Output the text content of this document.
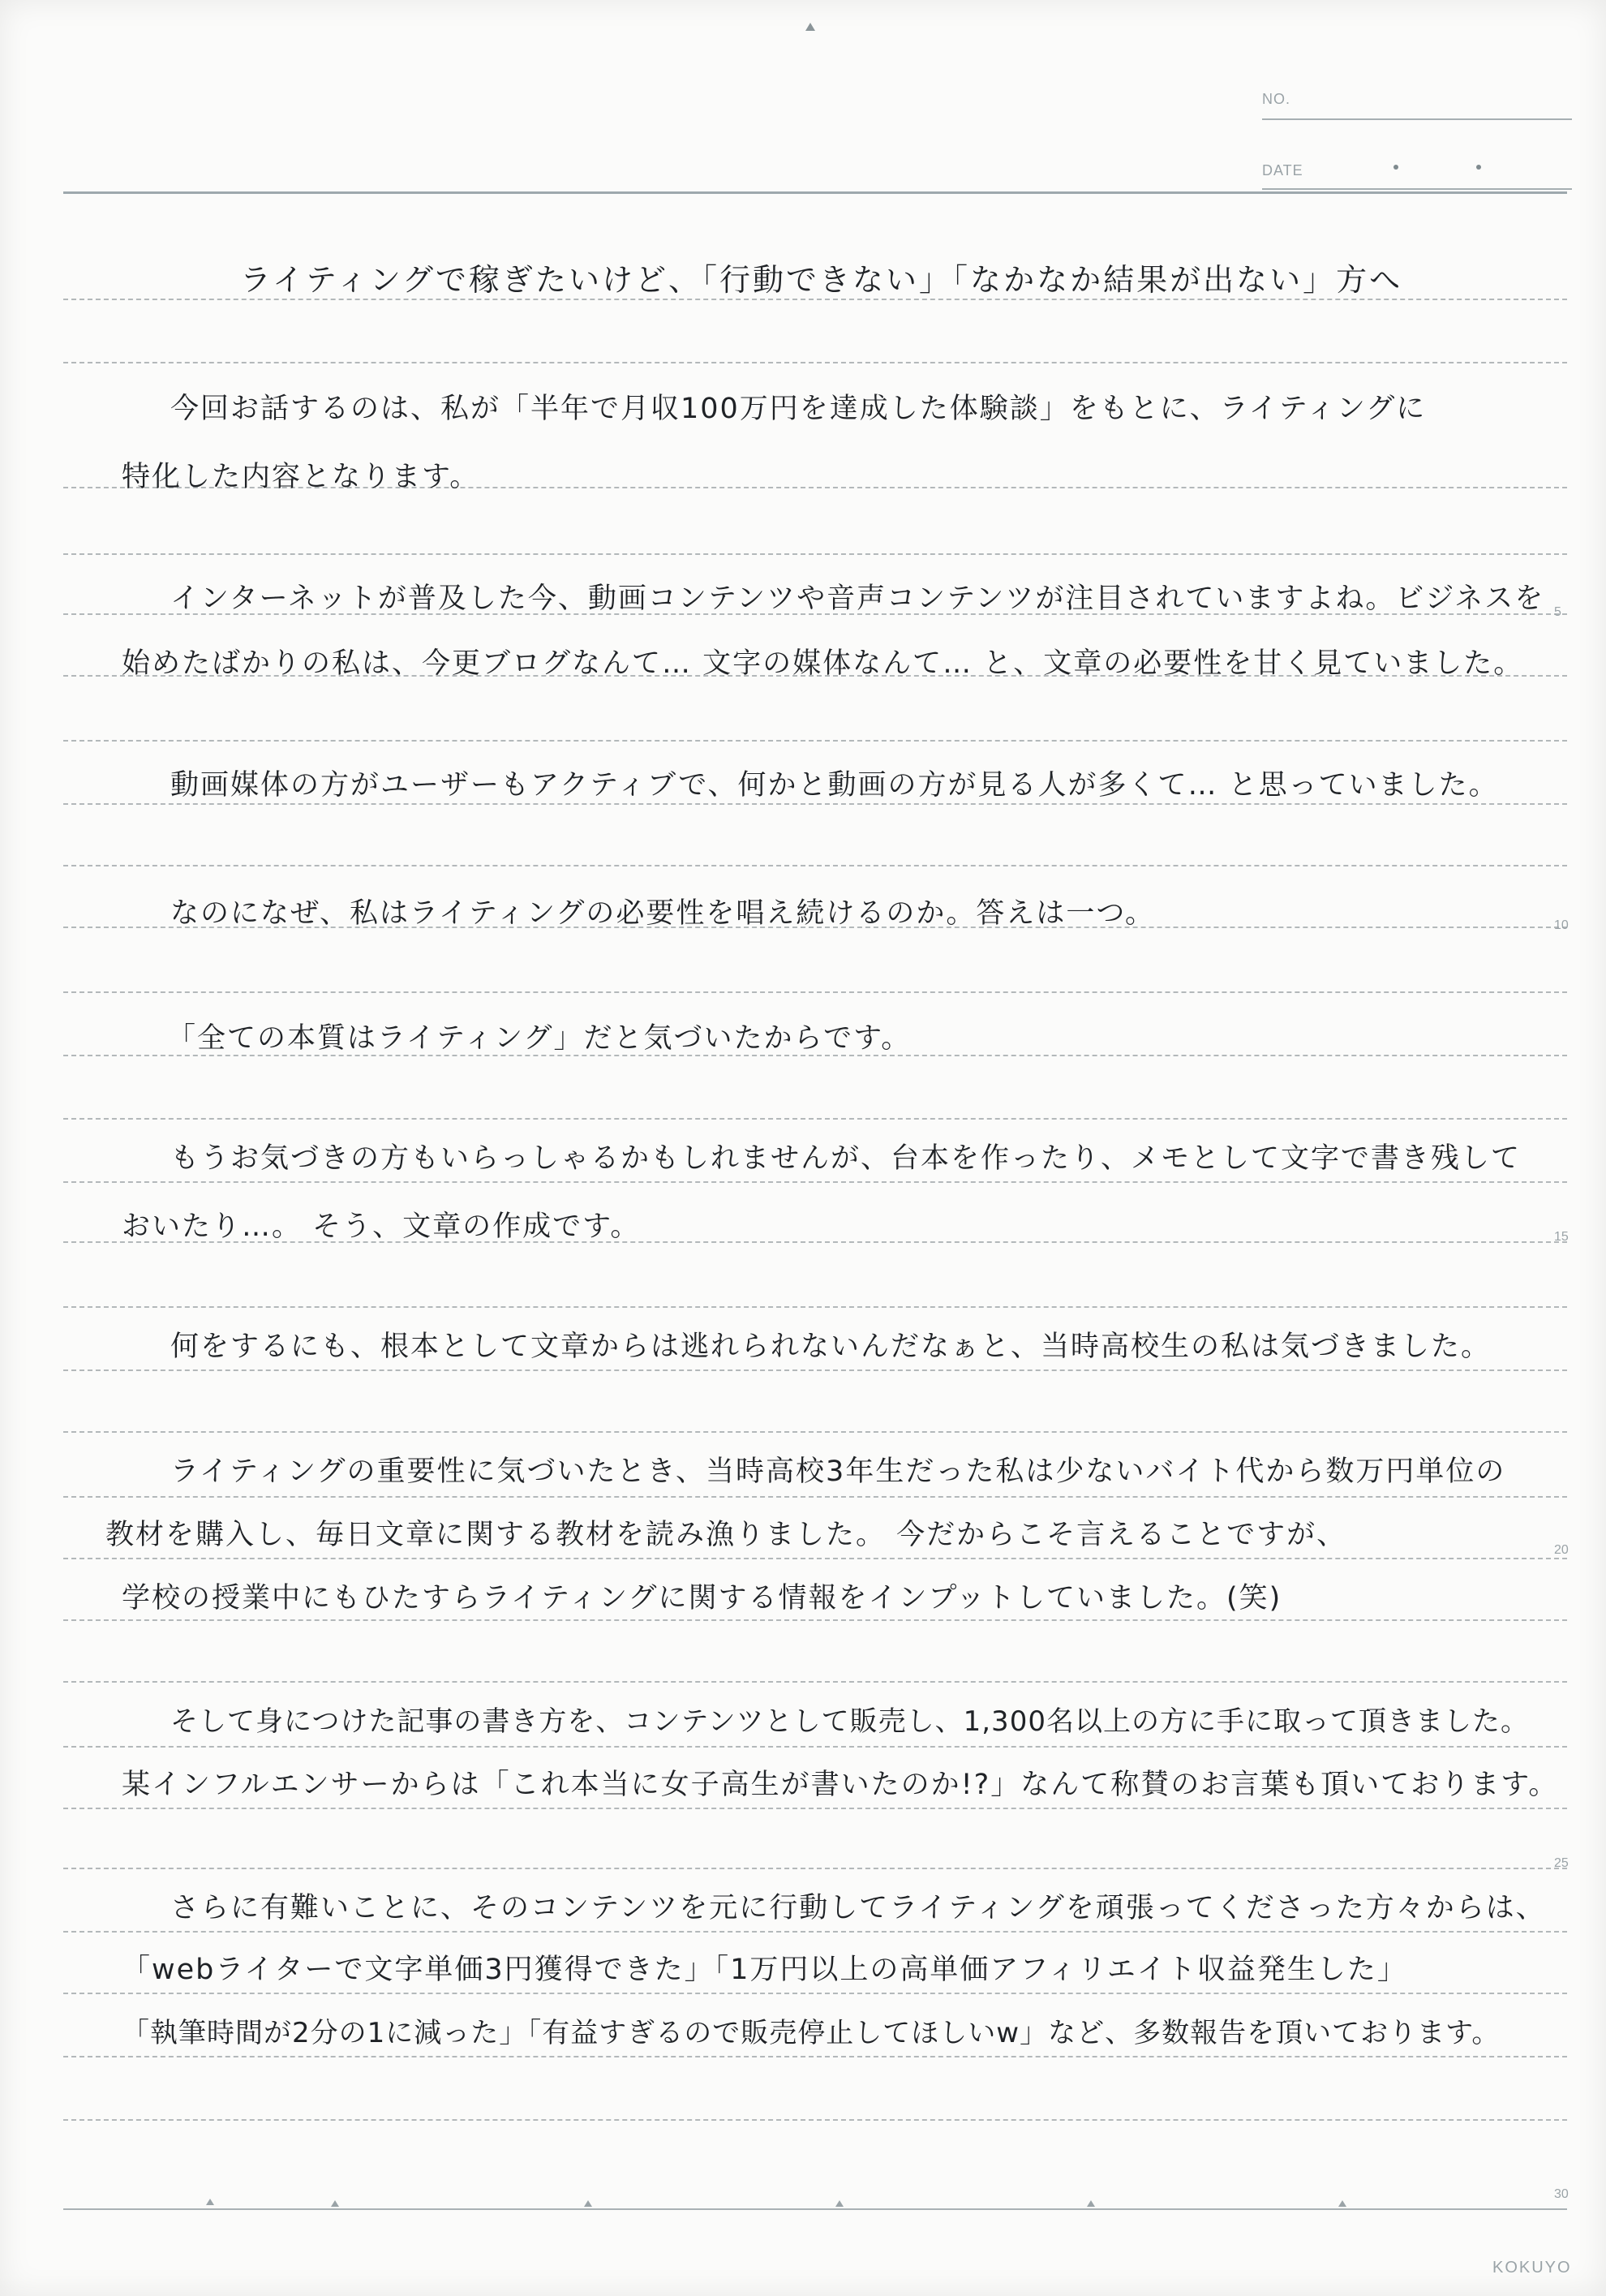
NO.
DATE
5
10
15
20
25
30
ライティングで稼ぎたいけど、「行動できない」「なかなか結果が出ない」方へ

今回お話するのは、私が「半年で月収100万円を達成した体験談」をもとに、ライティングに

特化した内容となります。

インターネットが普及した今、動画コンテンツや音声コンテンツが注目されていますよね。ビジネスを

始めたばかりの私は、今更ブログなんて… 文字の媒体なんて… と、文章の必要性を甘く見ていました。

動画媒体の方がユーザーもアクティブで、何かと動画の方が見る人が多くて… と思っていました。

なのになぜ、私はライティングの必要性を唱え続けるのか。答えは一つ。

「全ての本質はライティング」だと気づいたからです。

もうお気づきの方もいらっしゃるかもしれませんが、台本を作ったり、メモとして文字で書き残して

おいたり…。 そう、文章の作成です。

何をするにも、根本として文章からは逃れられないんだなぁと、当時高校生の私は気づきました。

ライティングの重要性に気づいたとき、当時高校3年生だった私は少ないバイト代から数万円単位の

教材を購入し、毎日文章に関する教材を読み漁りました。 今だからこそ言えることですが、

学校の授業中にもひたすらライティングに関する情報をインプットしていました。(笑)

そして身につけた記事の書き方を、コンテンツとして販売し、1,300名以上の方に手に取って頂きました。

某インフルエンサーからは「これ本当に女子高生が書いたのか!?」なんて称賛のお言葉も頂いております。

さらに有難いことに、そのコンテンツを元に行動してライティングを頑張ってくださった方々からは、

「webライターで文字単価3円獲得できた」「1万円以上の高単価アフィリエイト収益発生した」

「執筆時間が2分の1に減った」「有益すぎるので販売停止してほしいw」など、多数報告を頂いております。

KOKUYO
